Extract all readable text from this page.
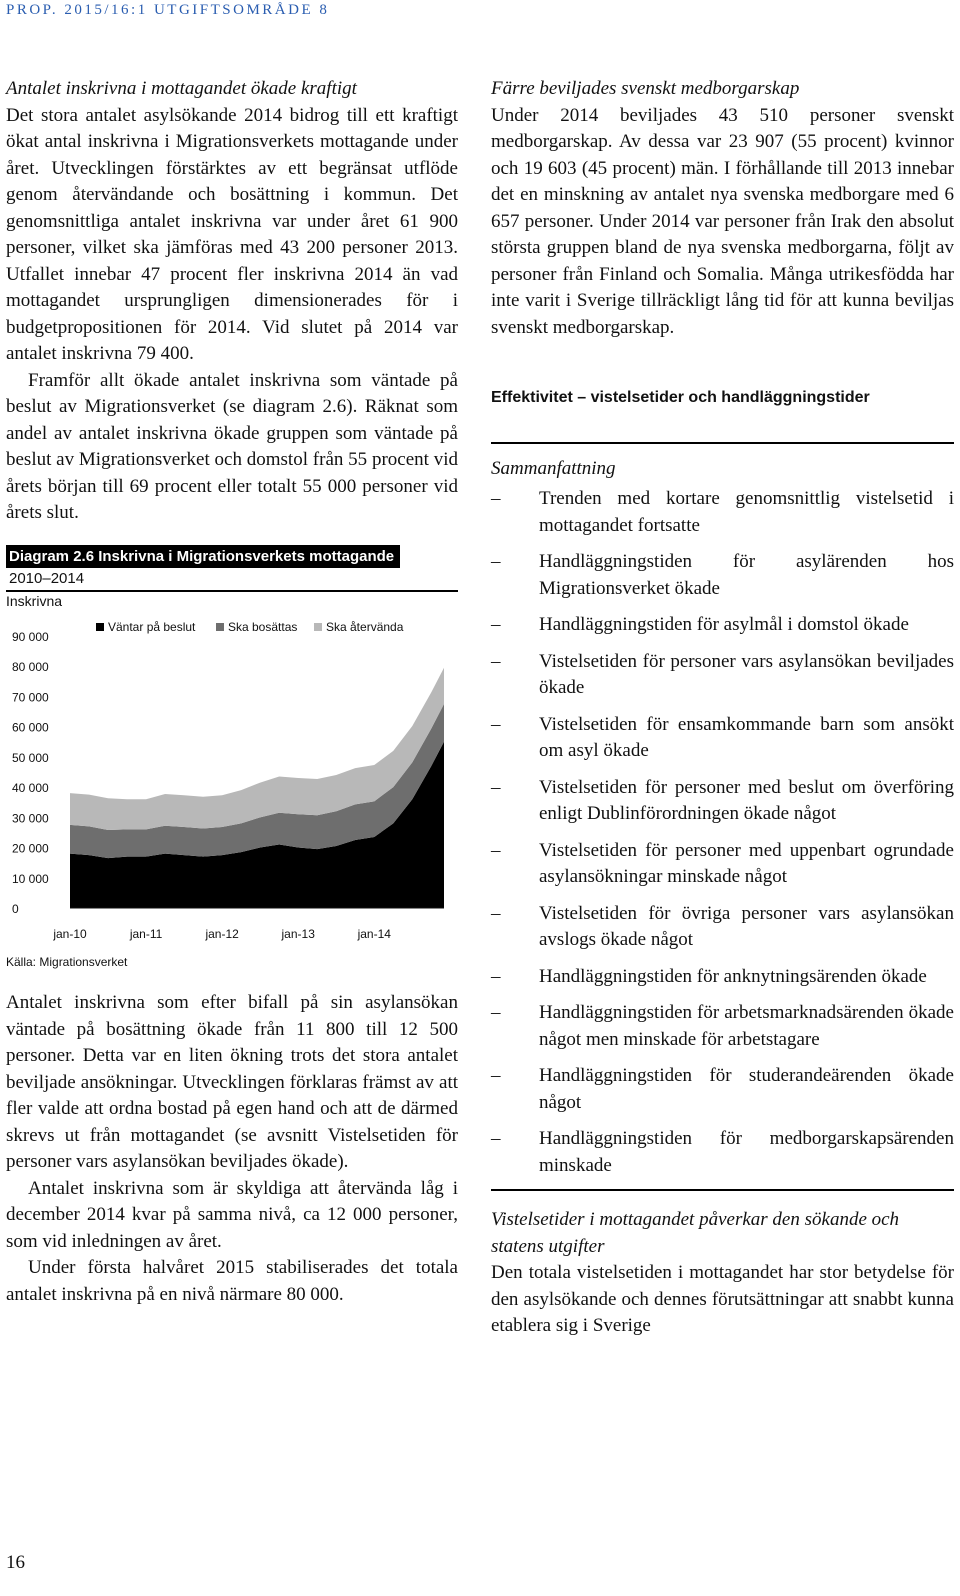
PROP. 2015/16:1 UTGIFTSOMRÅDE 8

Antalet inskrivna i mottagandet ökade kraftigt

Det stora antalet asylsökande 2014 bidrog till ett kraftigt ökat antal inskrivna i Migrationsverkets mottagande under året. Utvecklingen förstärktes av ett begränsat utflöde genom återvändande och bosättning i kommun. Det genomsnittliga antalet inskrivna var under året 61 900 personer, vilket ska jämföras med 43 200 personer 2013. Utfallet innebar 47 procent fler inskrivna 2014 än vad mottagandet ursprungligen dimensionerades för i budgetpropositionen för 2014. Vid slutet på 2014 var antalet inskrivna 79 400.

Framför allt ökade antalet inskrivna som väntade på beslut av Migrationsverket (se diagram 2.6). Räknat som andel av antalet inskrivna ökade gruppen som väntade på beslut av Migrationsverket och domstol från 55 procent vid årets början till 69 procent eller totalt 55 000 personer vid årets slut.

Diagram 2.6 Inskrivna i Migrationsverkets mottagande
2010–2014
Inskrivna
0
10 000
20 000
30 000
40 000
50 000
60 000
70 000
80 000
90 000
jan-10	jan-11	jan-12	jan-13	jan-14
Väntar på beslut	Ska bosättas Ska återvända
Källa: Migrationsverket

Antalet inskrivna som efter bifall på sin asylansökan väntade på bosättning ökade från 11 800 till 12 500 personer. Detta var en liten ökning trots det stora antalet beviljade ansökningar. Utvecklingen förklaras främst av att fler valde att ordna bostad på egen hand och att de därmed skrevs ut från mottagandet (se avsnitt Vistelsetiden för personer vars asylansökan beviljades ökade).

Antalet inskrivna som är skyldiga att återvända låg i december 2014 kvar på samma nivå, ca 12 000 personer, som vid inledningen av året.

Under första halvåret 2015 stabiliserades det totala antalet inskrivna på en nivå närmare 80 000.

Färre beviljades svenskt medborgarskap

Under 2014 beviljades 43 510 personer svenskt medborgarskap. Av dessa var 23 907 (55 procent) kvinnor och 19 603 (45 procent) män. I förhållande till 2013 innebar det en minskning av antalet nya svenska medborgare med 6 657 personer. Under 2014 var personer från Irak den absolut största gruppen bland de nya svenska medborgarna, följt av personer från Finland och Somalia. Många utrikesfödda har inte varit i Sverige tillräckligt lång tid för att kunna beviljas svenskt medborgarskap.

Effektivitet – vistelsetider och handläggningstider

Sammanfattning

– Trenden med kortare genomsnittlig vistelsetid i mottagandet fortsatte
– Handläggningstiden för asylärenden hos Migrationsverket ökade
– Handläggningstiden för asylmål i domstol ökade
– Vistelsetiden för personer vars asylansökan beviljades ökade
– Vistelsetiden för ensamkommande barn som ansökt om asyl ökade
– Vistelsetiden för personer med beslut om överföring enligt Dublinförordningen ökade något
– Vistelsetiden för personer med uppenbart ogrundade asylansökningar minskade något
– Vistelsetiden för övriga personer vars asylansökan avslogs ökade något
– Handläggningstiden för anknytningsärenden ökade
– Handläggningstiden för arbetsmarknadsärenden ökade något men minskade för arbetstagare
– Handläggningstiden för studerandeärenden ökade något
– Handläggningstiden för medborgarskapsärenden minskade

Vistelsetider i mottagandet påverkar den sökande och statens utgifter

Den totala vistelsetiden i mottagandet har stor betydelse för den asylsökande och dennes förutsättningar att snabbt kunna etablera sig i Sverige

16
